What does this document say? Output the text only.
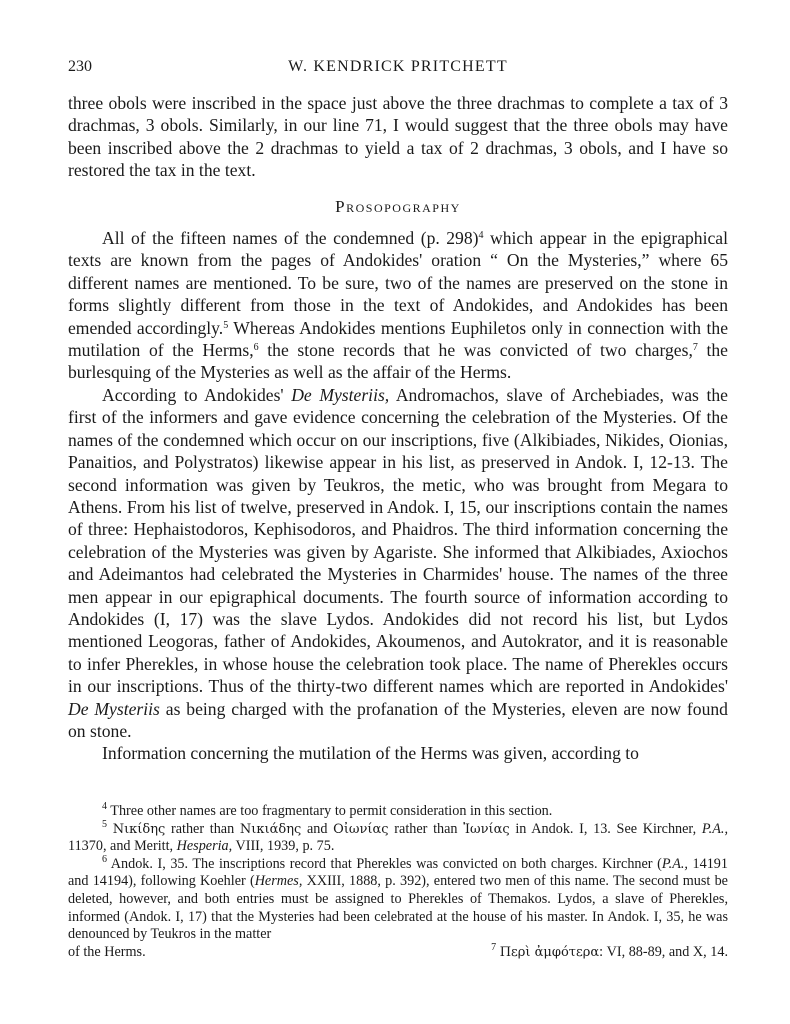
230	W. KENDRICK PRITCHETT

three obols were inscribed in the space just above the three drachmas to complete a tax of 3 drachmas, 3 obols. Similarly, in our line 71, I would suggest that the three obols may have been inscribed above the 2 drachmas to yield a tax of 2 drachmas, 3 obols, and I have so restored the tax in the text.

Prosopography

All of the fifteen names of the condemned (p. 298)$^4$ which appear in the epigraphical texts are known from the pages of Andokides' oration “ On the Mysteries,” where 65 different names are mentioned. To be sure, two of the names are preserved on the stone in forms slightly different from those in the text of Andokides, and Andokides has been emended accordingly.$^5$ Whereas Andokides mentions Euphiletos only in connection with the mutilation of the Herms,$^6$ the stone records that he was convicted of two charges,$^7$ the burlesquing of the Mysteries as well as the affair of the Herms.

According to Andokides' De Mysteriis, Andromachos, slave of Archebiades, was the first of the informers and gave evidence concerning the celebration of the Mysteries. Of the names of the condemned which occur on our inscriptions, five (Alkibiades, Nikides, Oionias, Panaitios, and Polystratos) likewise appear in his list, as preserved in Andok. I, 12-13. The second information was given by Teukros, the metic, who was brought from Megara to Athens. From his list of twelve, preserved in Andok. I, 15, our inscriptions contain the names of three: Hephaistodoros, Kephisodoros, and Phaidros. The third information concerning the celebration of the Mysteries was given by Agariste. She informed that Alkibiades, Axiochos and Adeimantos had celebrated the Mysteries in Charmides' house. The names of the three men appear in our epigraphical documents. The fourth source of information according to Andokides (I, 17) was the slave Lydos. Andokides did not record his list, but Lydos mentioned Leogoras, father of Andokides, Akoumenos, and Autokrator, and it is reasonable to infer Pherekles, in whose house the celebration took place. The name of Pherekles occurs in our inscriptions. Thus of the thirty-two different names which are reported in Andokides' De Mysteriis as being charged with the profanation of the Mysteries, eleven are now found on stone.

Information concerning the mutilation of the Herms was given, according to

$^4$ Three other names are too fragmentary to permit consideration in this section.

$^5$ Νικίδης rather than Νικιάδης and Οἰωνίας rather than Ἰωνίας in Andok. I, 13. See Kirchner, P.A., 11370, and Meritt, Hesperia, VIII, 1939, p. 75.

$^6$ Andok. I, 35. The inscriptions record that Pherekles was convicted on both charges. Kirchner (P.A., 14191 and 14194), following Koehler (Hermes, XXIII, 1888, p. 392), entered two men of this name. The second must be deleted, however, and both entries must be assigned to Pherekles of Themakos. Lydos, a slave of Pherekles, informed (Andok. I, 17) that the Mysteries had been celebrated at the house of his master. In Andok. I, 35, he was denounced by Teukros in the matter

of the Herms.	$^7$ Περὶ ἀμφότερα: VI, 88-89, and X, 14.
